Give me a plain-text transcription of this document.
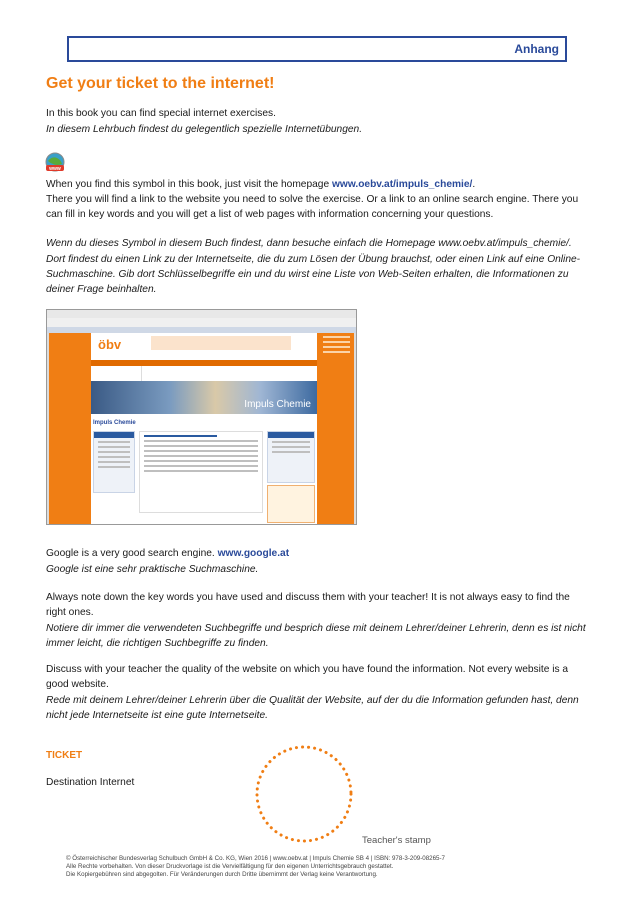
Anhang
Get your ticket to the internet!

In this book you can find special internet exercises.

In diesem Lehrbuch findest du gelegentlich spezielle Internetübungen.

www

When you find this symbol in this book, just visit the homepage www.oebv.at/impuls_chemie/.

There you will find a link to the website you need to solve the exercise. Or a link to an online search engine. There you can fill in key words and you will get a list of web pages with information concerning your questions.

Wenn du dieses Symbol in diesem Buch findest, dann besuche einfach die Homepage www.oebv.at/impuls_chemie/.

Dort findest du einen Link zu der Internetseite, die du zum Lösen der Übung brauchst, oder einen Link auf eine Online-Suchmaschine. Gib dort Schlüsselbegriffe ein und du wirst eine Liste von Web-Seiten erhalten, die Informationen zu deiner Frage beinhalten.

öbv
Impuls Chemie
Impuls Chemie

Google is a very good search engine. www.google.at

Google ist eine sehr praktische Suchmaschine.

Always note down the key words you have used and discuss them with your teacher! It is not always easy to find the right ones.

Notiere dir immer die verwendeten Suchbegriffe und besprich diese mit deinem Lehrer/deiner Lehrerin, denn es ist nicht immer leicht, die richtigen Suchbegriffe zu finden.

Discuss with your teacher the quality of the website on which you have found the information. Not every website is a good website.

Rede mit deinem Lehrer/deiner Lehrerin über die Qualität der Website, auf der du die Information gefunden hast, denn nicht jede Internetseite ist eine gute Internetseite.

TICKET

Destination Internet

Teacher's stamp

© Österreichischer Bundesverlag Schulbuch GmbH & Co. KG, Wien 2016 | www.oebv.at | Impuls Chemie SB 4 | ISBN: 978-3-209-08265-7
Alle Rechte vorbehalten. Von dieser Druckvorlage ist die Vervielfältigung für den eigenen Unterrichtsgebrauch gestattet.
Die Kopiergebühren sind abgegolten. Für Veränderungen durch Dritte übernimmt der Verlag keine Verantwortung.
